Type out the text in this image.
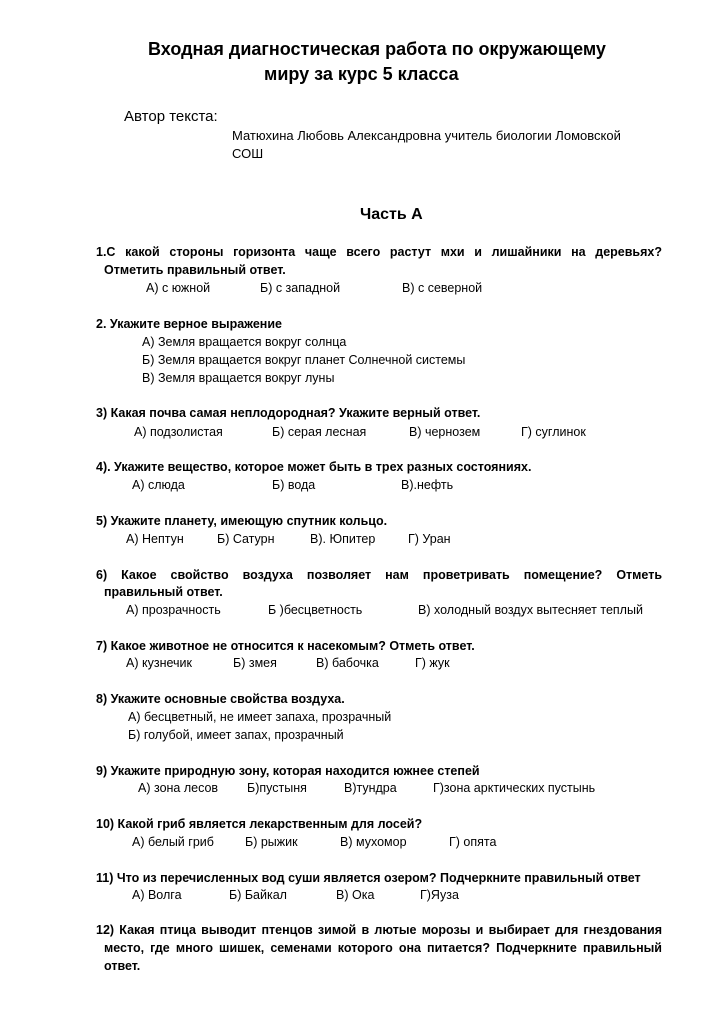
Входная диагностическая работа по окружающему
миру за курс 5 класса
Автор текста:
Матюхина Любовь Александровна учитель биологии Ломовской
СОШ
Часть А
1.С какой стороны горизонта чаще всего растут мхи и лишайники на деревьях?
Отметить правильный ответ.
А) с южной	Б) с западной	В) с северной
2. Укажите верное выражение
А) Земля вращается вокруг солнца
Б) Земля вращается вокруг планет Солнечной системы
В) Земля вращается вокруг луны
3) Какая почва самая неплодородная? Укажите верный ответ.
А) подзолистая	Б) серая лесная	В) чернозем	Г) суглинок
4). Укажите вещество, которое может быть в трех разных состояниях.
А) слюда	Б) вода	В).нефть
5) Укажите планету, имеющую спутник кольцо.
А) Нептун	Б) Сатурн	В). Юпитер	Г) Уран
6) Какое свойство воздуха позволяет нам проветривать помещение? Отметь
правильный ответ.
А) прозрачность	Б )бесцветность	В) холодный воздух вытесняет теплый
7) Какое животное не относится к насекомым? Отметь ответ.
А) кузнечик	Б) змея	В) бабочка	Г) жук
8) Укажите основные свойства воздуха.
А) бесцветный, не имеет запаха, прозрачный
Б) голубой, имеет запах, прозрачный
9) Укажите природную зону, которая находится южнее степей
А) зона лесов Б)пустыня	В)тундра	Г)зона арктических пустынь
10) Какой гриб является лекарственным для лосей?
А) белый гриб Б) рыжик	В) мухомор	Г) опята
11) Что из перечисленных вод суши является озером? Подчеркните правильный ответ
А) Волга	Б) Байкал	В) Ока	Г)Яуза
12) Какая птица выводит птенцов зимой в лютые морозы и выбирает для гнездования
место, где много шишек, семенами которого она питается? Подчеркните правильный
ответ.
